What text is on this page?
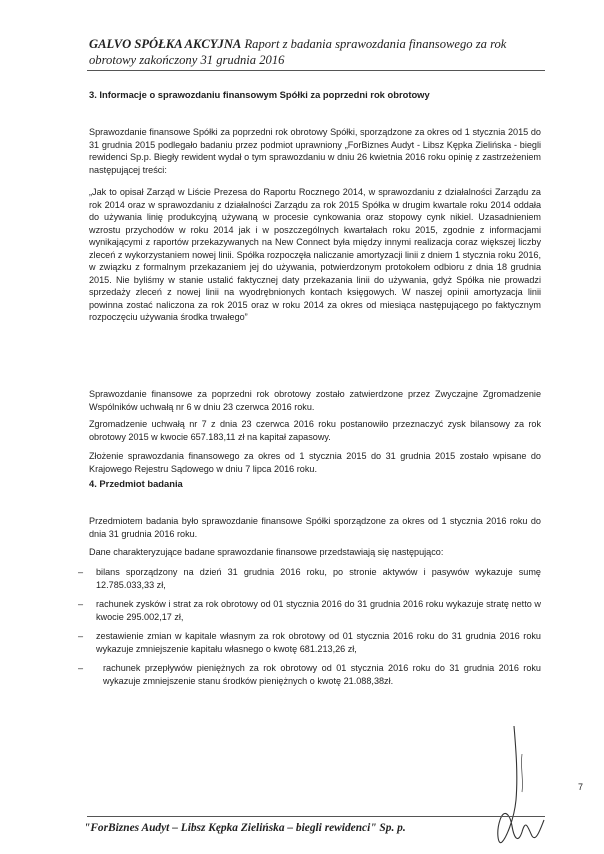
GALVO SPÓŁKA AKCYJNA Raport z badania sprawozdania finansowego za rok
obrotowy zakończony 31 grudnia 2016
3. Informacje o sprawozdaniu finansowym Spółki za poprzedni rok obrotowy
Sprawozdanie finansowe Spółki za poprzedni rok obrotowy Spółki, sporządzone za okres od 1 stycznia 2015 do 31 grudnia 2015 podlegało badaniu przez podmiot uprawniony „ForBiznes Audyt - Libsz Kępka Zielińska - biegli rewidenci Sp.p. Biegły rewident wydał o tym sprawozdaniu w dniu 26 kwietnia 2016 roku opinię z zastrzeżeniem następującej treści:
„Jak to opisał Zarząd w Liście Prezesa do Raportu Rocznego 2014, w sprawozdaniu z działalności Zarządu za rok 2014 oraz w sprawozdaniu z działalności Zarządu za rok 2015 Spółka w drugim kwartale roku 2014 oddała do używania linię produkcyjną używaną w procesie cynkowania oraz stopowy cynk nikiel. Uzasadnieniem wzrostu przychodów w roku 2014 jak i w poszczególnych kwartałach roku 2015, zgodnie z informacjami wynikającymi z raportów przekazywanych na New Connect była między innymi realizacja coraz większej liczby zleceń z wykorzystaniem nowej linii. Spółka rozpoczęła naliczanie amortyzacji linii z dniem 1 stycznia roku 2016, w związku z formalnym przekazaniem jej do używania, potwierdzonym protokołem odbioru z dnia 18 grudnia 2015. Nie byliśmy w stanie ustalić faktycznej daty przekazania linii do używania, gdyż Spółka nie prowadzi sprzedaży zleceń z nowej linii na wyodrębnionych kontach księgowych. W naszej opinii amortyzacja linii powinna zostać naliczona za rok 2015 oraz w roku 2014 za okres od miesiąca następującego po faktycznym rozpoczęciu używania środka trwałego”
Sprawozdanie finansowe za poprzedni rok obrotowy zostało zatwierdzone przez Zwyczajne Zgromadzenie Wspólników uchwałą nr 6 w dniu 23 czerwca 2016 roku.
Zgromadzenie uchwałą nr 7 z dnia 23 czerwca 2016 roku postanowiło przeznaczyć zysk bilansowy za rok obrotowy 2015 w kwocie 657.183,11 zł na kapitał zapasowy.
Złożenie sprawozdania finansowego za okres od 1 stycznia 2015 do 31 grudnia 2015 zostało wpisane do Krajowego Rejestru Sądowego w dniu 7 lipca 2016 roku.
4. Przedmiot badania
Przedmiotem badania było sprawozdanie finansowe Spółki sporządzone za okres od 1 stycznia 2016 roku do dnia 31 grudnia 2016 roku.
Dane charakteryzujące badane sprawozdanie finansowe przedstawiają się następująco:
–	bilans sporządzony na dzień 31 grudnia 2016 roku, po stronie aktywów i pasywów wykazuje sumę 12.785.033,33 zł,
–	rachunek zysków i strat za rok obrotowy od 01 stycznia 2016 do 31 grudnia 2016 roku wykazuje stratę netto w kwocie 295.002,17 zł,
–	zestawienie zmian w kapitale własnym za rok obrotowy od 01 stycznia 2016 roku do 31 grudnia 2016 roku wykazuje zmniejszenie kapitału własnego o kwotę 681.213,26 zł,
–	rachunek przepływów pieniężnych za rok obrotowy od 01 stycznia 2016 roku do 31 grudnia 2016 roku wykazuje zmniejszenie stanu środków pieniężnych o kwotę 21.088,38zł.
7
"ForBiznes Audyt – Libsz Kępka Zielińska – biegli rewidenci" Sp. p.
